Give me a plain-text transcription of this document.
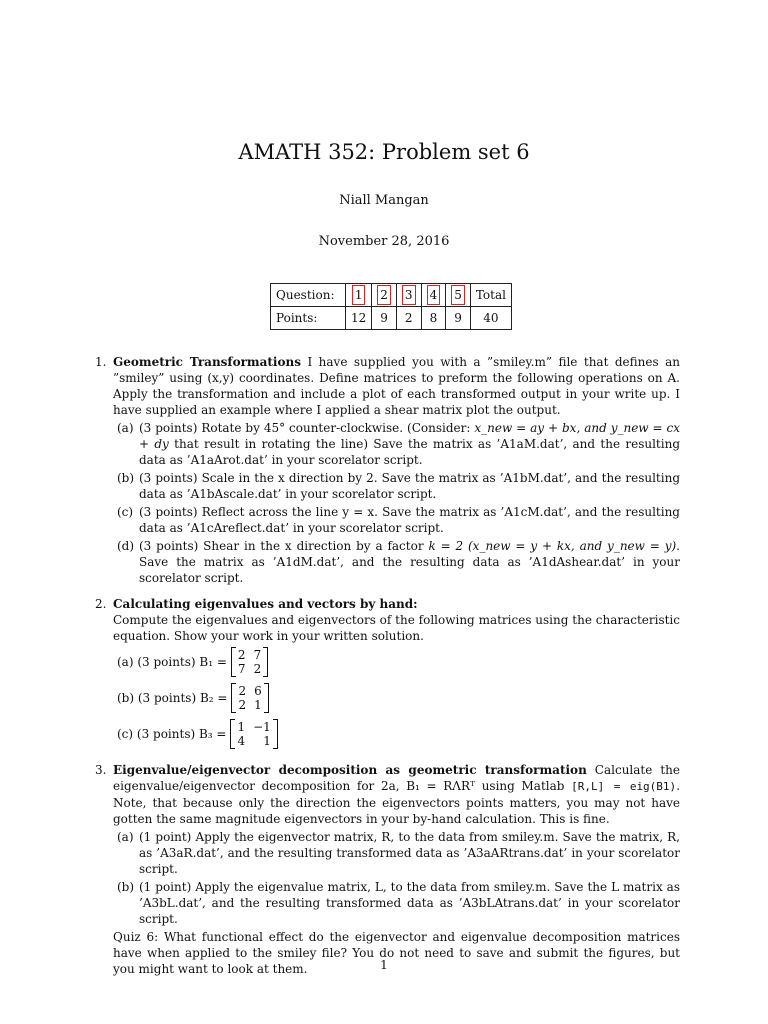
AMATH 352: Problem set 6
Niall Mangan
November 28, 2016
Question:	1	2	3	4	5	Total
Points:	12	9	2	8	9	40
1. Geometric Transformations I have supplied you with a ”smiley.m” file that defines an ”smiley” using (x,y) coordinates. Define matrices to preform the following operations on A. Apply the transformation and include a plot of each transformed output in your write up. I have supplied an example where I applied a shear matrix plot the output.
(a) (3 points) Rotate by 45° counter-clockwise. (Consider: x_new = ay + bx, and y_new = cx + dy that result in rotating the line) Save the matrix as ’A1aM.dat’, and the resulting data as ’A1aArot.dat’ in your scorelator script.
(b) (3 points) Scale in the x direction by 2. Save the matrix as ’A1bM.dat’, and the resulting data as ’A1bAscale.dat’ in your scorelator script.
(c) (3 points) Reflect across the line y = x. Save the matrix as ’A1cM.dat’, and the resulting data as ’A1cAreflect.dat’ in your scorelator script.
(d) (3 points) Shear in the x direction by a factor k = 2 (x_new = y + kx, and y_new = y). Save the matrix as ’A1dM.dat’, and the resulting data as ’A1dAshear.dat’ in your scorelator script.
2. Calculating eigenvalues and vectors by hand:
Compute the eigenvalues and eigenvectors of the following matrices using the characteristic equation. Show your work in your written solution.
(a) (3 points) B₁ = 2 7
7 2
(b) (3 points) B₂ = 2 6
2 1
(c) (3 points) B₃ = 1 −1
4	1
3. Eigenvalue/eigenvector decomposition as geometric transformation Calculate the eigenvalue/eigenvector decomposition for 2a, B₁ = RΛRᵀ using Matlab [R,L] = eig(B1). Note, that because only the direction the eigenvectors points matters, you may not have gotten the same magnitude eigenvectors in your by-hand calculation. This is fine.
(a) (1 point) Apply the eigenvector matrix, R, to the data from smiley.m. Save the matrix, R, as ’A3aR.dat’, and the resulting transformed data as ’A3aARtrans.dat’ in your scorelator script.
(b) (1 point) Apply the eigenvalue matrix, L, to the data from smiley.m. Save the L matrix as ’A3bL.dat’, and the resulting transformed data as ’A3bLAtrans.dat’ in your scorelator script.
Quiz 6: What functional effect do the eigenvector and eigenvalue decomposition matrices have when applied to the smiley file? You do not need to save and submit the figures, but you might want to look at them.	1
